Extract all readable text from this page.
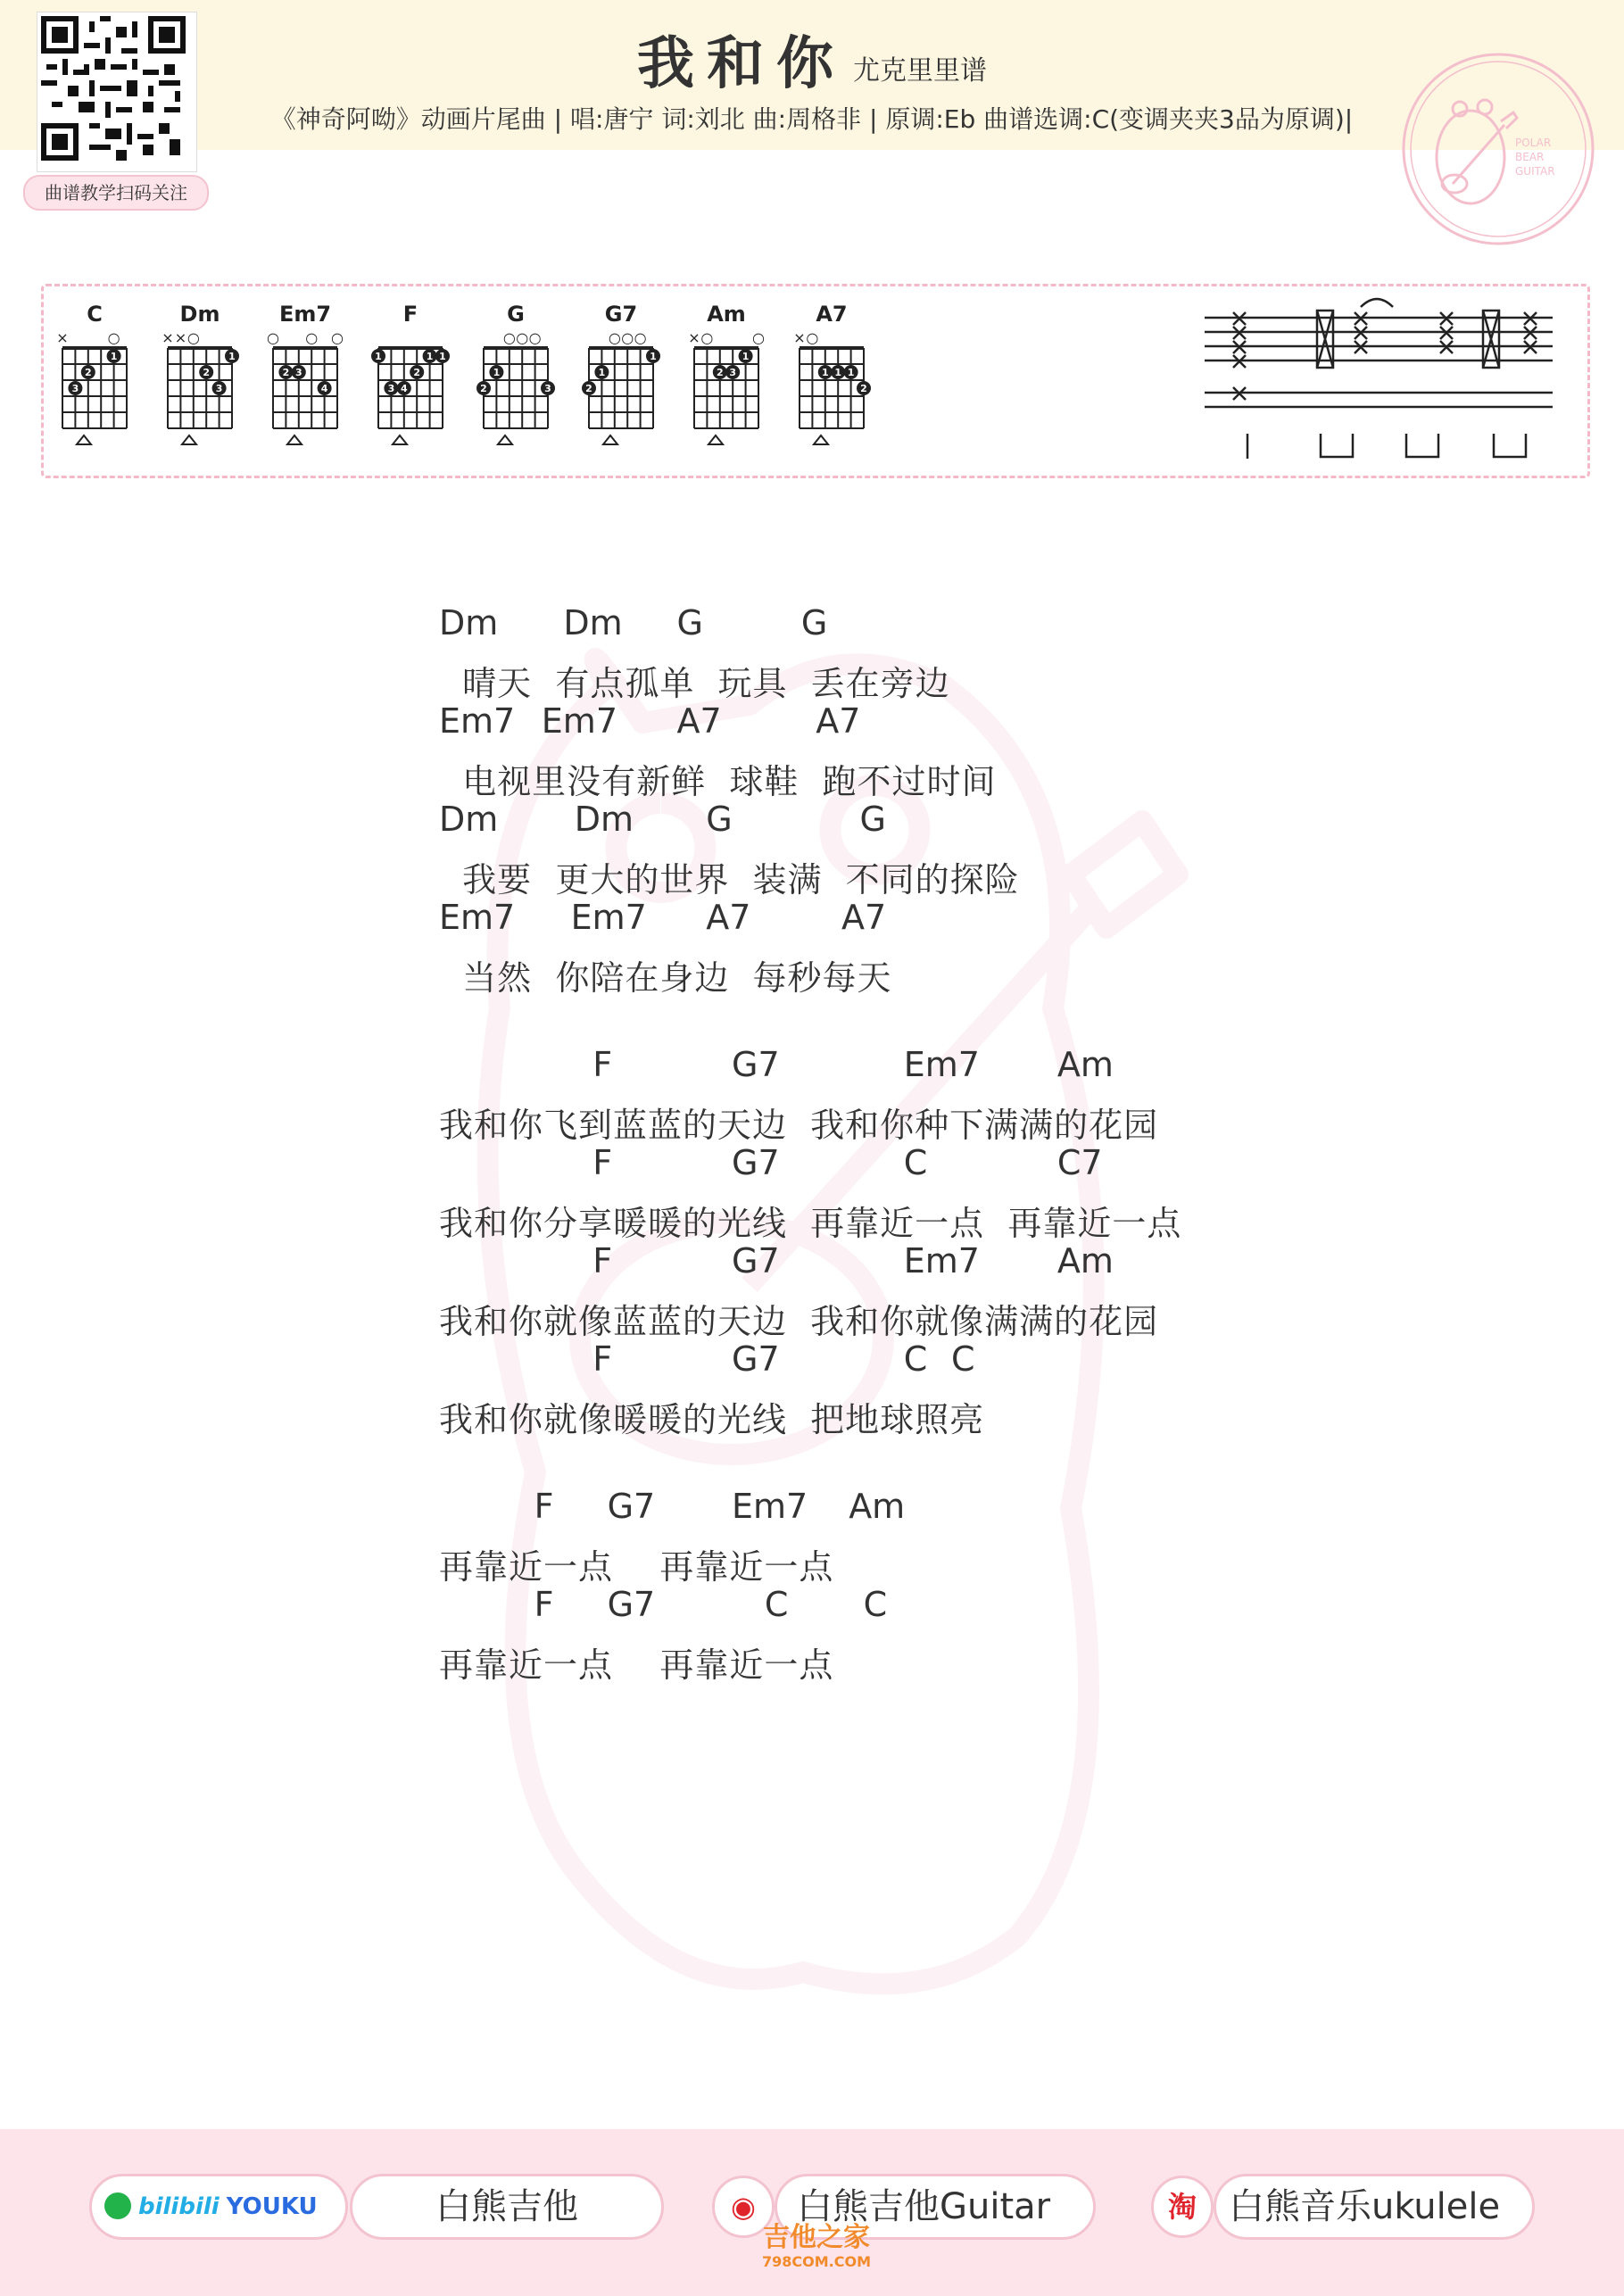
曲谱教学扫码关注
我和你 尤克里里谱
《神奇阿呦》动画片尾曲 | 唱:唐宁 词:刘北 曲:周格非 | 原调:Eb 曲谱选调:C(变调夹夹3品为原调)|
POLAR
BEAR
GUITAR
C
×	○
3
2
1
Dm
× × ○
2
3
1
Em7
○ ○ ○
2 3
4
F
1
3 4
2
1 1
G
○ ○ ○
2
1
3
G7
○ ○ ○
2
1
1
Am
× ○	○
2 3
1
A7
× ○
1 1 1
2
Dm Dm G	G
晴天  有点孤单  玩具  丢在旁边
Em7 Em7 A7	A7
电视里没有新鲜  球鞋  跑不过时间
Dm Dm G	G
我要  更大的世界  装满  不同的探险
Em7 Em7 A7	A7
当然  你陪在身边  每秒每天
F	G7	Em7 Am
我和你飞到蓝蓝的天边  我和你种下满满的花园
F	G7	C	C7
我和你分享暖暖的光线  再靠近一点  再靠近一点
F	G7	Em7 Am
我和你就像蓝蓝的天边  我和你就像满满的花园
F	G7	C C
我和你就像暖暖的光线  把地球照亮
F G7 Em7 Am
再靠近一点    再靠近一点
F G7	C C
再靠近一点    再靠近一点
bilibili YOUKU	白熊吉他	◉	白熊吉他Guitar	淘 白熊音乐ukulele
吉他之家
798COM.COM
